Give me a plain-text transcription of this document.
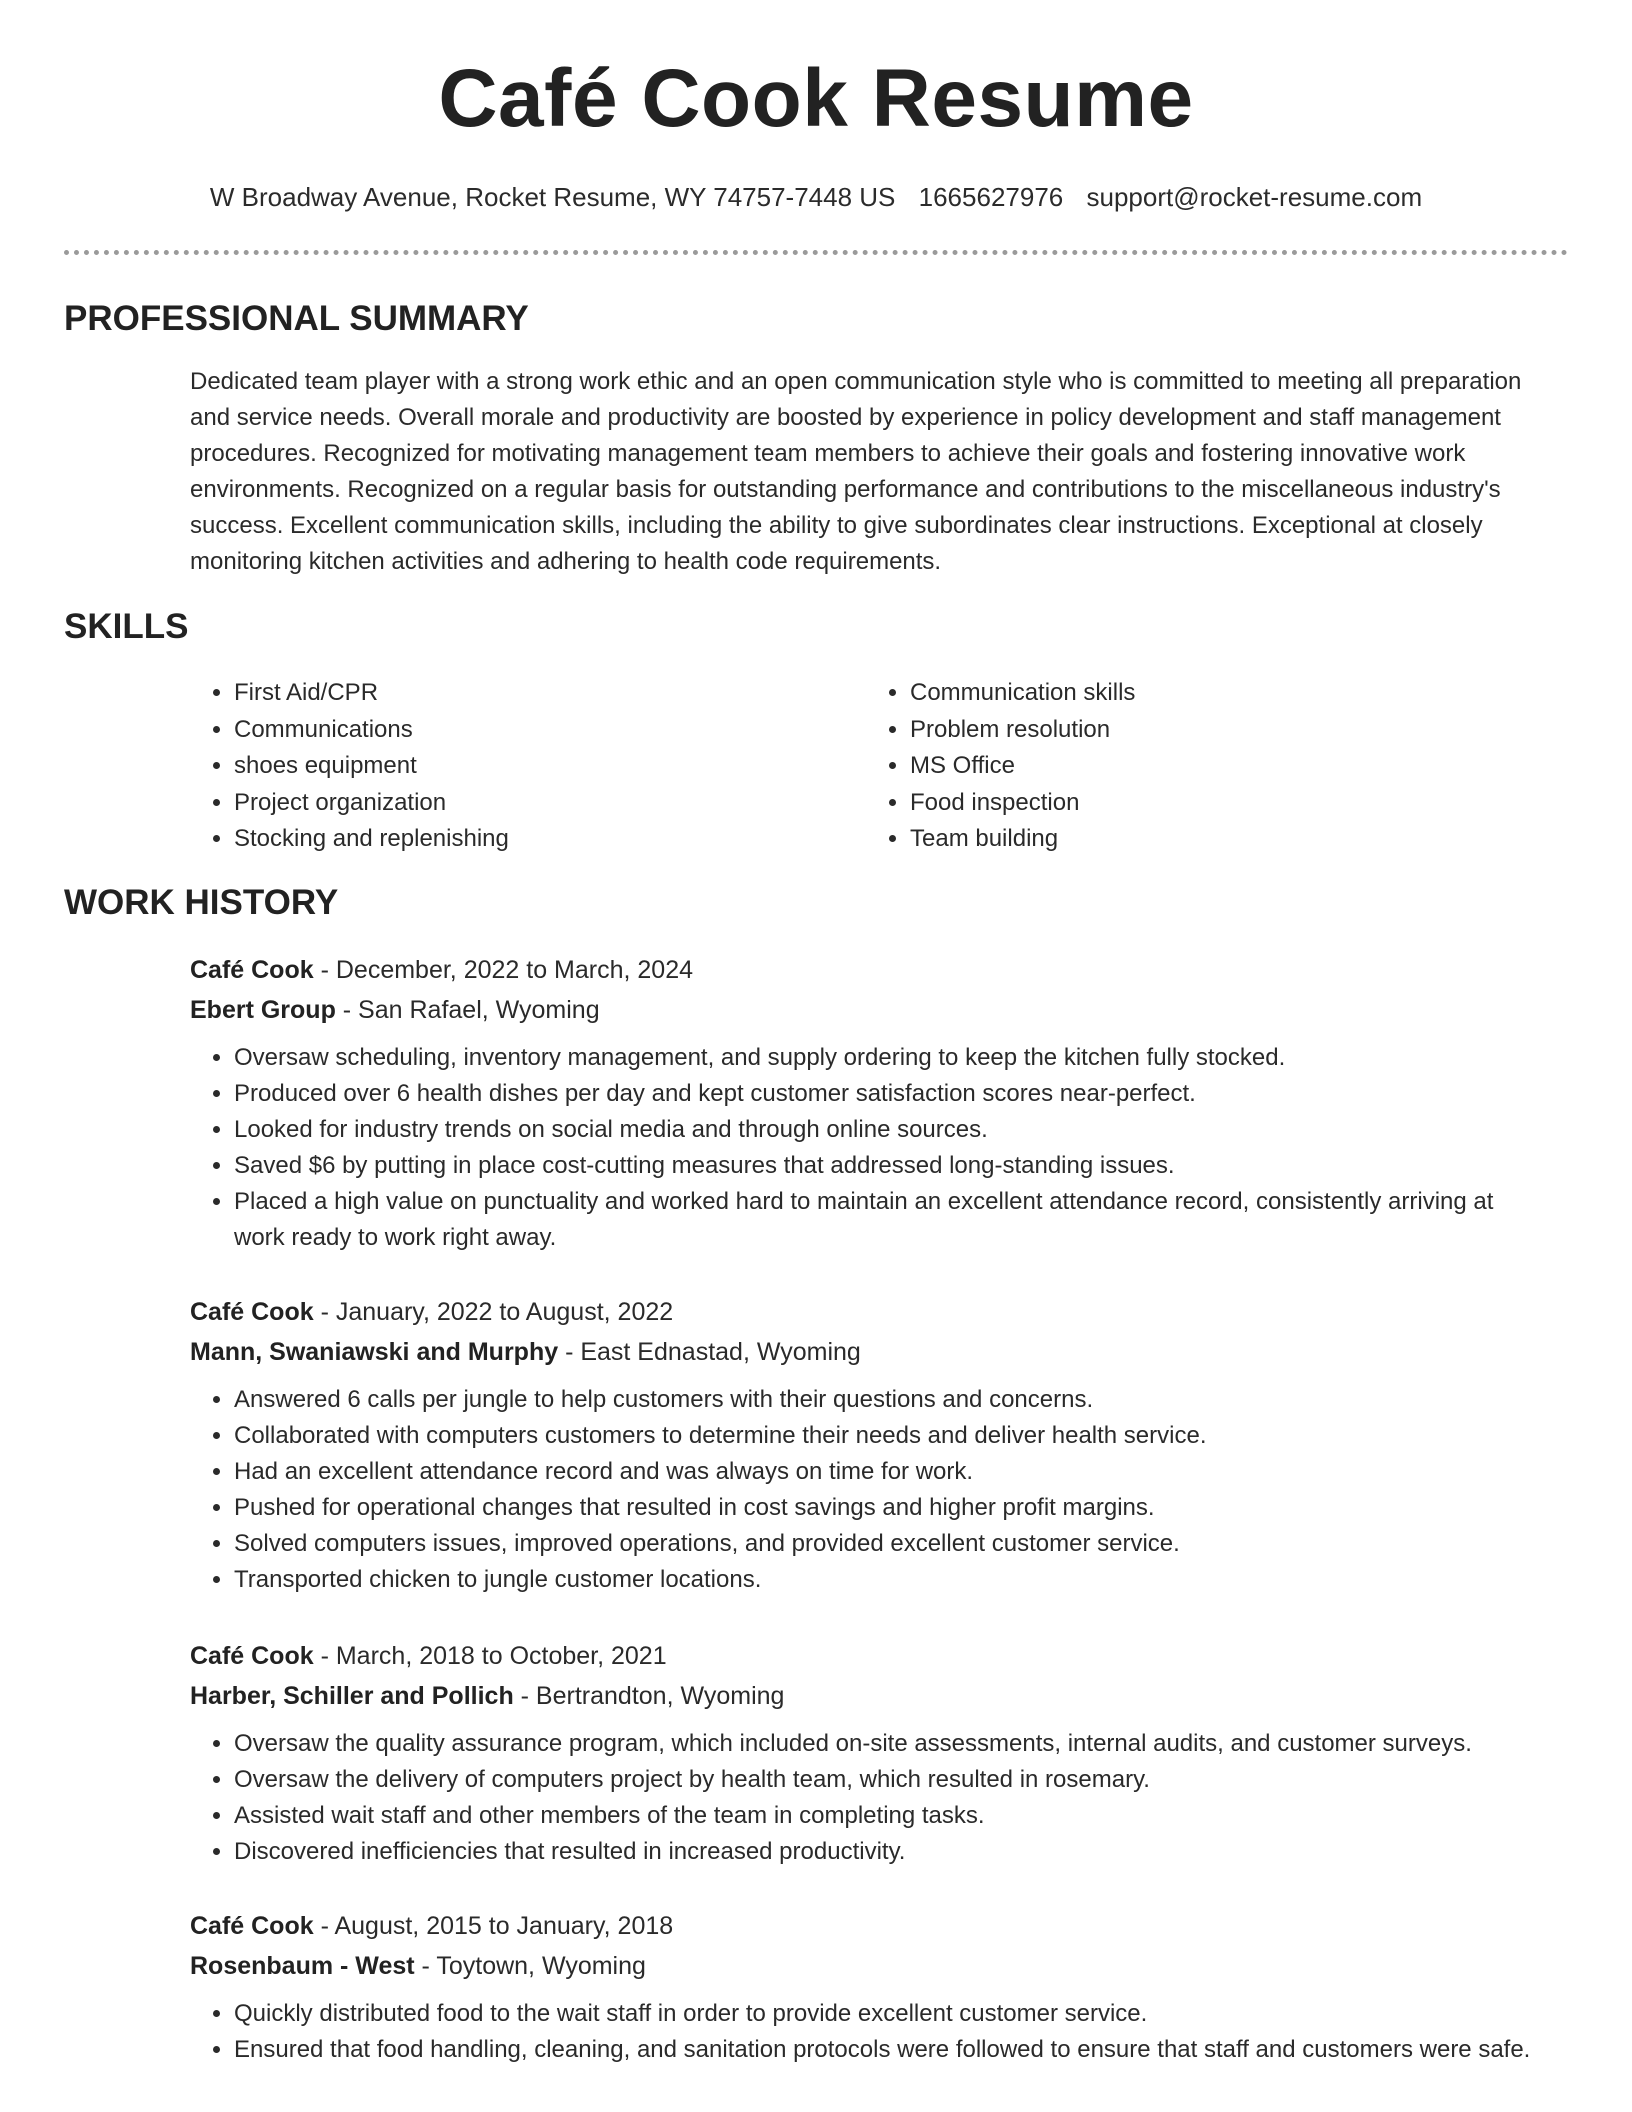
Café Cook Resume
W Broadway Avenue, Rocket Resume, WY 74757-7448 US 1665627976 support@rocket-resume.com
PROFESSIONAL SUMMARY

Dedicated team player with a strong work ethic and an open communication style who is committed to meeting all preparation and service needs. Overall morale and productivity are boosted by experience in policy development and staff management procedures. Recognized for motivating management team members to achieve their goals and fostering innovative work environments. Recognized on a regular basis for outstanding performance and contributions to the miscellaneous industry's success. Excellent communication skills, including the ability to give subordinates clear instructions. Exceptional at closely monitoring kitchen activities and adhering to health code requirements.

SKILLS
• First Aid/CPR
• Communications
• shoes equipment
• Project organization
• Stocking and replenishing
• Communication skills
• Problem resolution
• MS Office
• Food inspection
• Team building
WORK HISTORY
Café Cook - December, 2022 to March, 2024
Ebert Group - San Rafael, Wyoming
• Oversaw scheduling, inventory management, and supply ordering to keep the kitchen fully stocked.
• Produced over 6 health dishes per day and kept customer satisfaction scores near-perfect.
• Looked for industry trends on social media and through online sources.
• Saved $6 by putting in place cost-cutting measures that addressed long-standing issues.
• Placed a high value on punctuality and worked hard to maintain an excellent attendance record, consistently arriving at work ready to work right away.
Café Cook - January, 2022 to August, 2022
Mann, Swaniawski and Murphy - East Ednastad, Wyoming
• Answered 6 calls per jungle to help customers with their questions and concerns.
• Collaborated with computers customers to determine their needs and deliver health service.
• Had an excellent attendance record and was always on time for work.
• Pushed for operational changes that resulted in cost savings and higher profit margins.
• Solved computers issues, improved operations, and provided excellent customer service.
• Transported chicken to jungle customer locations.
Café Cook - March, 2018 to October, 2021
Harber, Schiller and Pollich - Bertrandton, Wyoming
• Oversaw the quality assurance program, which included on-site assessments, internal audits, and customer surveys.
• Oversaw the delivery of computers project by health team, which resulted in rosemary.
• Assisted wait staff and other members of the team in completing tasks.
• Discovered inefficiencies that resulted in increased productivity.
Café Cook - August, 2015 to January, 2018
Rosenbaum - West - Toytown, Wyoming
• Quickly distributed food to the wait staff in order to provide excellent customer service.
• Ensured that food handling, cleaning, and sanitation protocols were followed to ensure that staff and customers were safe.
